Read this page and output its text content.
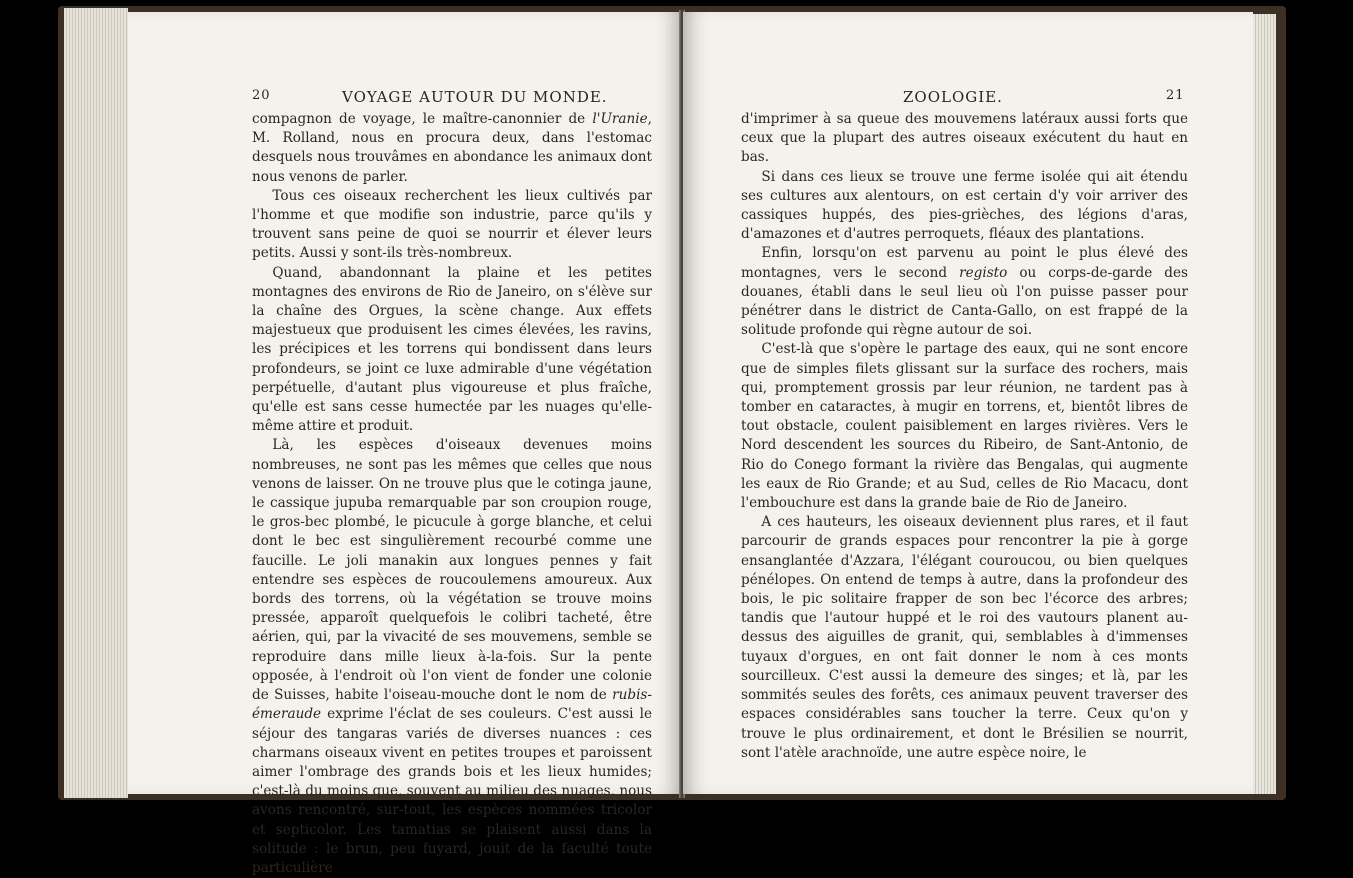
20	VOYAGE AUTOUR DU MONDE.

compagnon de voyage, le maître-canonnier de l'Uranie, M. Rolland, nous en procura deux, dans l'estomac desquels nous trouvâmes en abondance les animaux dont nous venons de parler.

Tous ces oiseaux recherchent les lieux cultivés par l'homme et que modifie son industrie, parce qu'ils y trouvent sans peine de quoi se nourrir et élever leurs petits. Aussi y sont-ils très-nombreux.

Quand, abandonnant la plaine et les petites montagnes des environs de Rio de Janeiro, on s'élève sur la chaîne des Orgues, la scène change. Aux effets majestueux que produisent les cimes élevées, les ravins, les précipices et les torrens qui bondissent dans leurs profondeurs, se joint ce luxe admirable d'une végétation perpétuelle, d'autant plus vigoureuse et plus fraîche, qu'elle est sans cesse humectée par les nuages qu'elle-même attire et produit.

Là, les espèces d'oiseaux devenues moins nombreuses, ne sont pas les mêmes que celles que nous venons de laisser. On ne trouve plus que le cotinga jaune, le cassique jupuba remarquable par son croupion rouge, le gros-bec plombé, le picucule à gorge blanche, et celui dont le bec est singulièrement recourbé comme une faucille. Le joli manakin aux longues pennes y fait entendre ses espèces de roucoulemens amoureux. Aux bords des torrens, où la végétation se trouve moins pressée, apparoît quelquefois le colibri tacheté, être aérien, qui, par la vivacité de ses mouvemens, semble se reproduire dans mille lieux à-la-fois. Sur la pente opposée, à l'endroit où l'on vient de fonder une colonie de Suisses, habite l'oiseau-mouche dont le nom de rubis-émeraude exprime l'éclat de ses couleurs. C'est aussi le séjour des tangaras variés de diverses nuances : ces charmans oiseaux vivent en petites troupes et paroissent aimer l'ombrage des grands bois et les lieux humides; c'est-là du moins que, souvent au milieu des nuages, nous avons rencontré, sur-tout, les espèces nommées tricolor et septicolor. Les tamatias se plaisent aussi dans la solitude : le brun, peu fuyard, jouit de la faculté toute particulière

ZOOLOGIE.	21

d'imprimer à sa queue des mouvemens latéraux aussi forts que ceux que la plupart des autres oiseaux exécutent du haut en bas.

Si dans ces lieux se trouve une ferme isolée qui ait étendu ses cultures aux alentours, on est certain d'y voir arriver des cassiques huppés, des pies-grièches, des légions d'aras, d'amazones et d'autres perroquets, fléaux des plantations.

Enfin, lorsqu'on est parvenu au point le plus élevé des montagnes, vers le second registo ou corps-de-garde des douanes, établi dans le seul lieu où l'on puisse passer pour pénétrer dans le district de Canta-Gallo, on est frappé de la solitude profonde qui règne autour de soi.

C'est-là que s'opère le partage des eaux, qui ne sont encore que de simples filets glissant sur la surface des rochers, mais qui, promptement grossis par leur réunion, ne tardent pas à tomber en cataractes, à mugir en torrens, et, bientôt libres de tout obstacle, coulent paisiblement en larges rivières. Vers le Nord descendent les sources du Ribeiro, de Sant-Antonio, de Rio do Conego formant la rivière das Bengalas, qui augmente les eaux de Rio Grande; et au Sud, celles de Rio Macacu, dont l'embouchure est dans la grande baie de Rio de Janeiro.

A ces hauteurs, les oiseaux deviennent plus rares, et il faut parcourir de grands espaces pour rencontrer la pie à gorge ensanglantée d'Azzara, l'élégant couroucou, ou bien quelques pénélopes. On entend de temps à autre, dans la profondeur des bois, le pic solitaire frapper de son bec l'écorce des arbres; tandis que l'autour huppé et le roi des vautours planent au-dessus des aiguilles de granit, qui, semblables à d'immenses tuyaux d'orgues, en ont fait donner le nom à ces monts sourcilleux. C'est aussi la demeure des singes; et là, par les sommités seules des forêts, ces animaux peuvent traverser des espaces considérables sans toucher la terre. Ceux qu'on y trouve le plus ordinairement, et dont le Brésilien se nourrit, sont l'atèle arachnoïde, une autre espèce noire, le
